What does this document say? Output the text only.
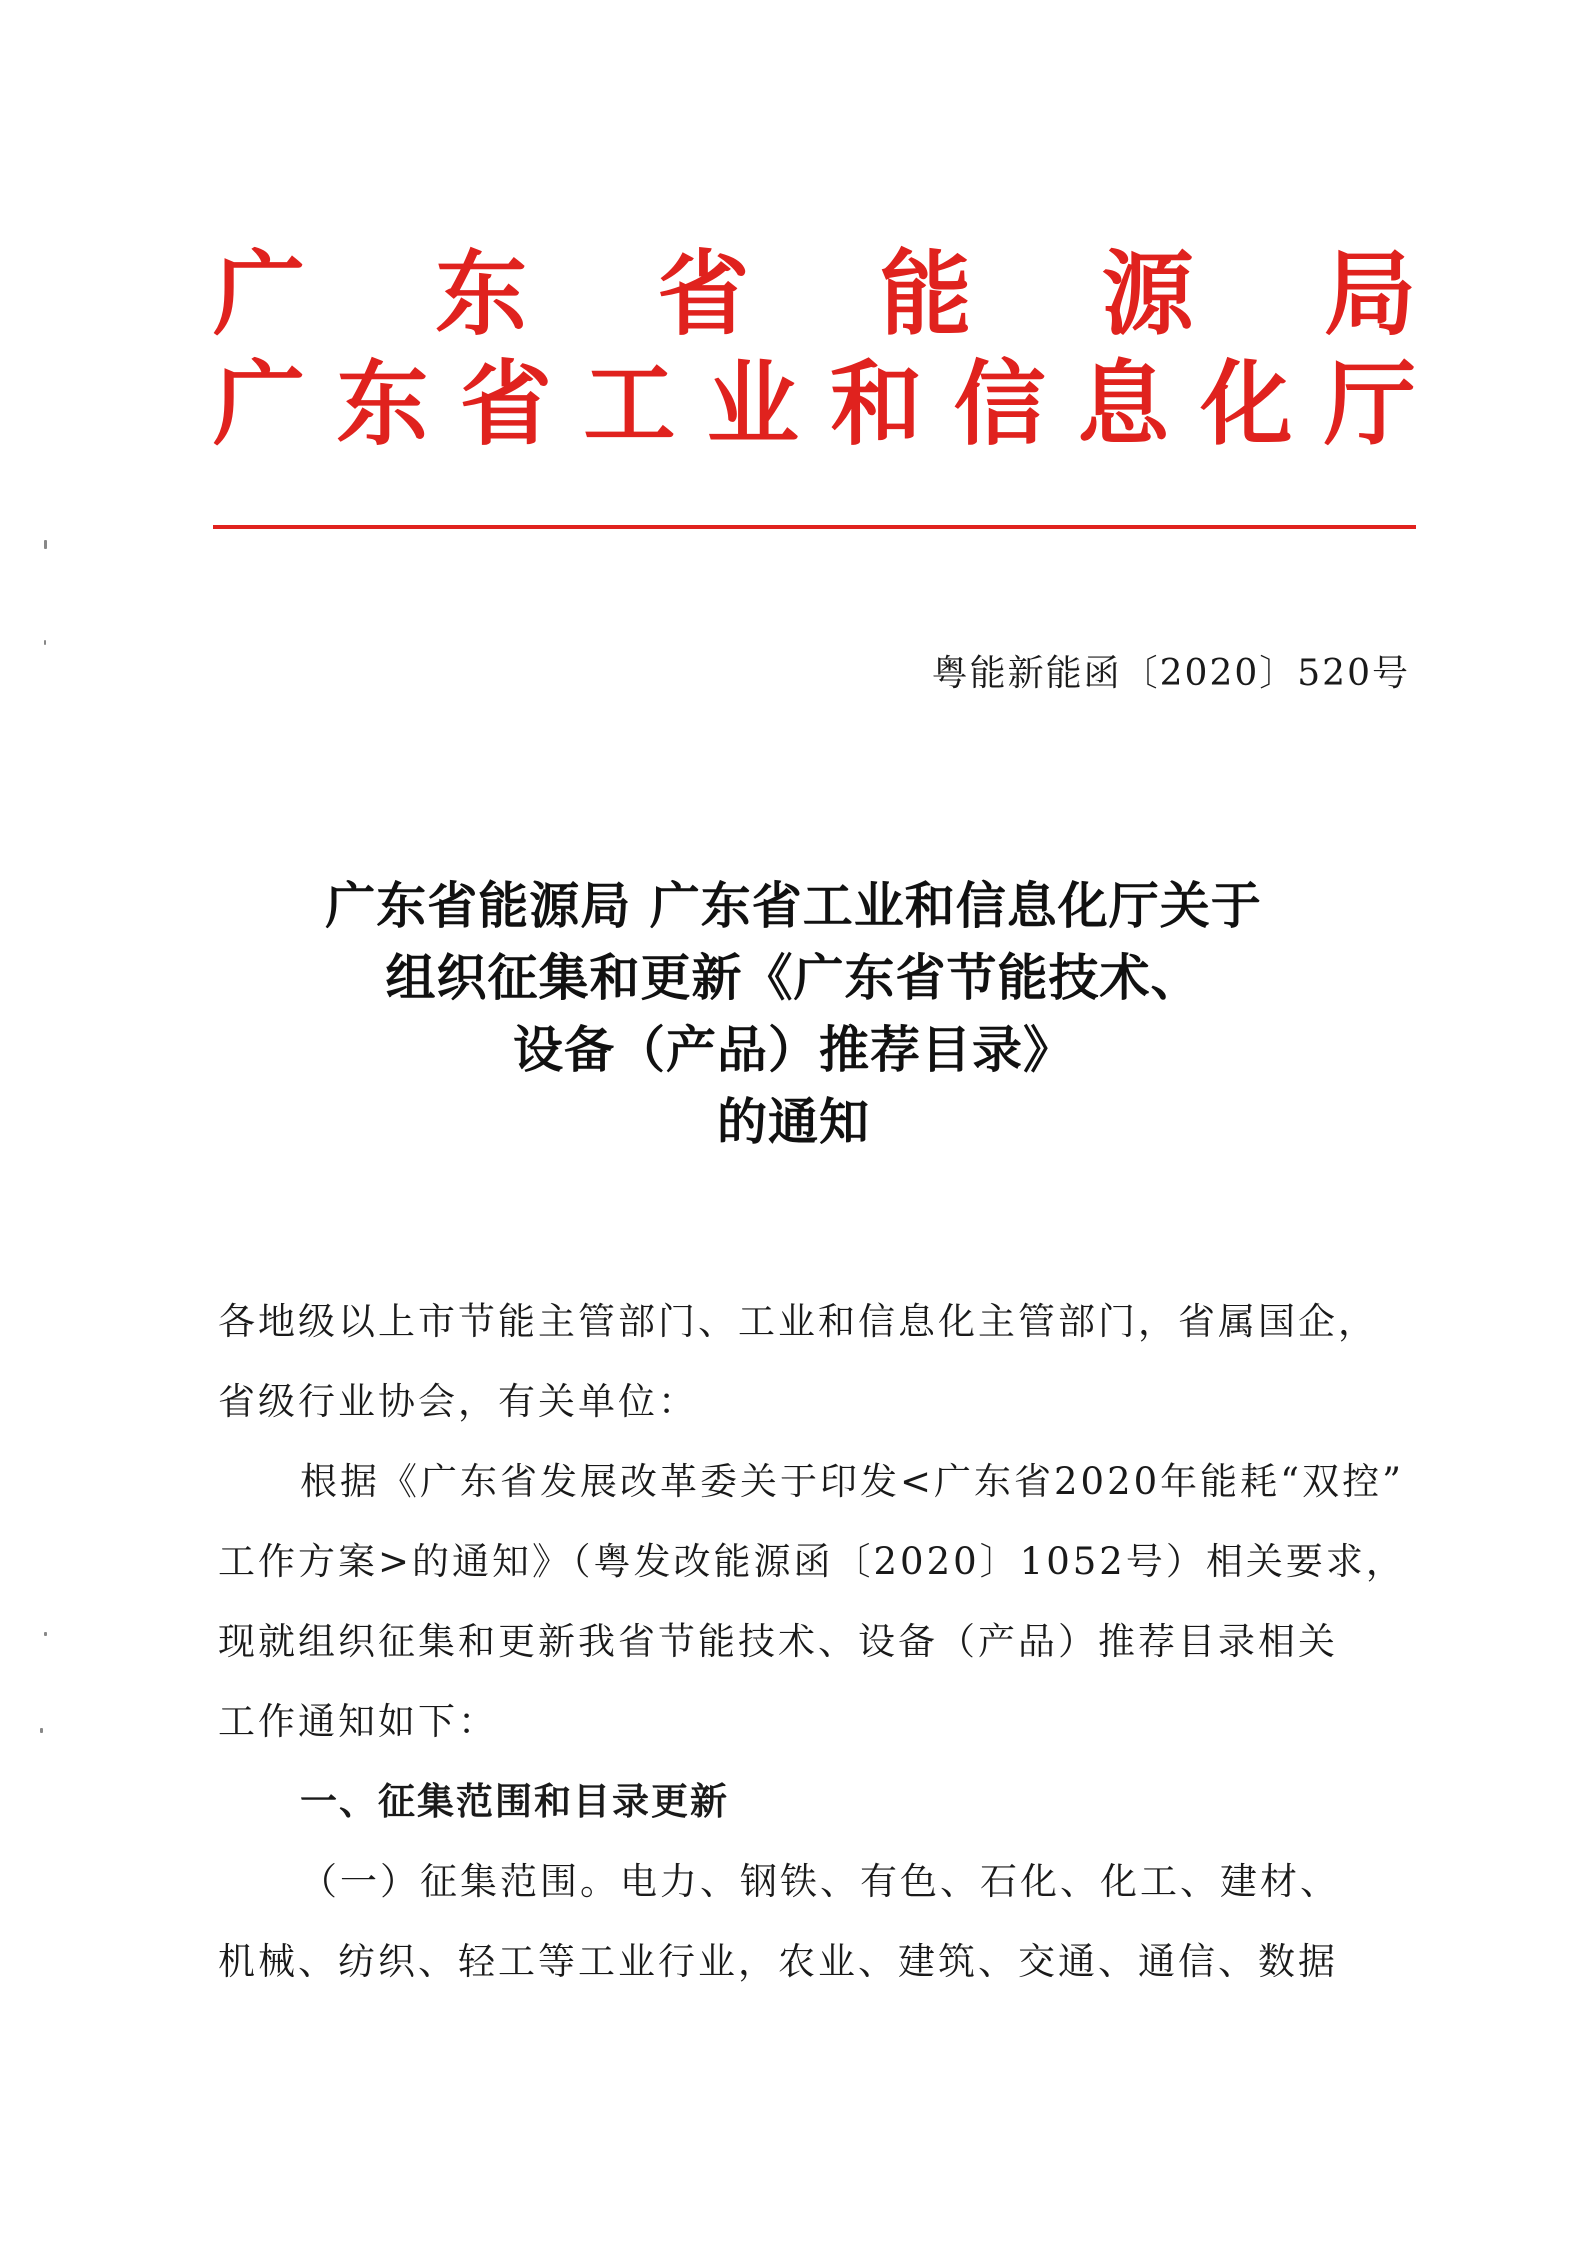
广 东 省 能 源 局
广 东 省 工 业 和 信 息 化 厅
粤能新能函〔2020〕520号
广东省能源局 广东省工业和信息化厅关于
组织征集和更新《广东省节能技术、
设备（产品）推荐目录》
的通知
各地级以上市节能主管部门、工业和信息化主管部门，省属国企，
省级行业协会，有关单位：
根据《广东省发展改革委关于印发<广东省2020年能耗“双控”
工作方案>的通知》（粤发改能源函〔2020〕1052号）相关要求，
现就组织征集和更新我省节能技术、设备（产品）推荐目录相关
工作通知如下：
一、征集范围和目录更新
（一）征集范围。电力、钢铁、有色、石化、化工、建材、
机械、纺织、轻工等工业行业，农业、建筑、交通、通信、数据
